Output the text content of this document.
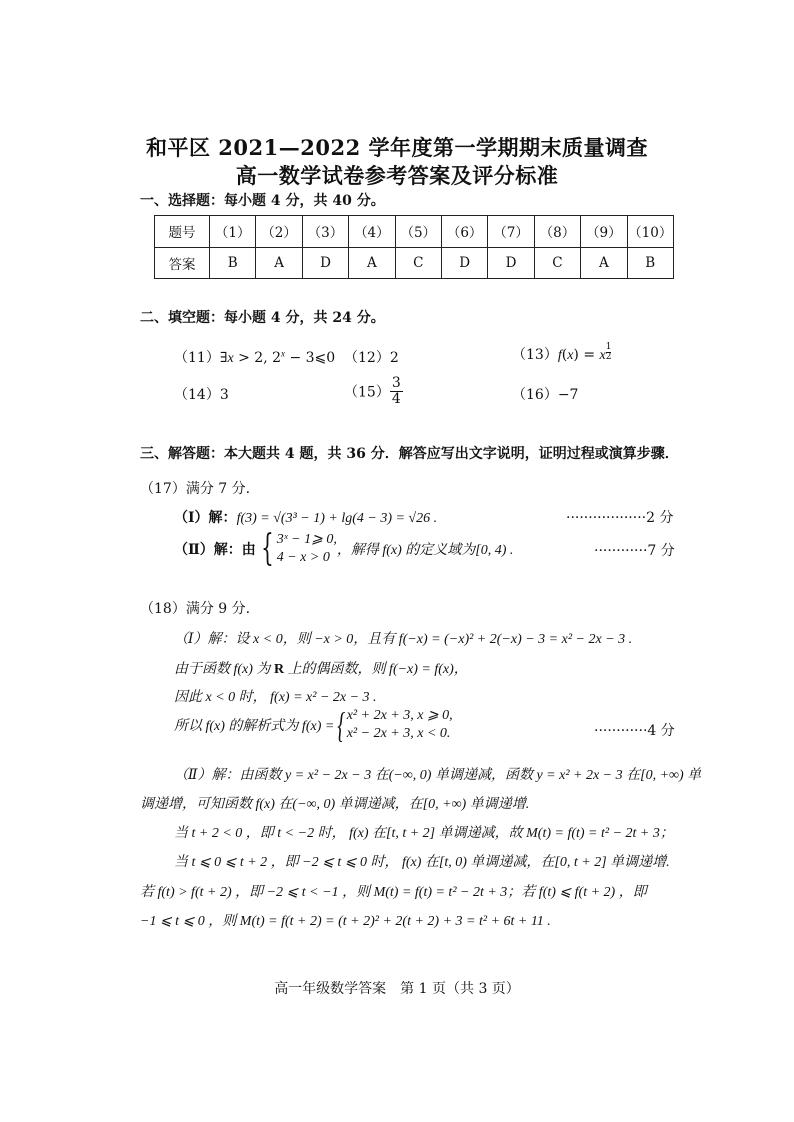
和平区 2021—2022 学年度第一学期期末质量调查
高一数学试卷参考答案及评分标准
一、选择题：每小题 4 分，共 40 分。
题号	（1）	（2）	（3）	（4）	（5）	（6）	（7）	（8）	（9）	（10）
答案	B	A	D	A	C	D	D	C	A	B
二、填空题：每小题 4 分，共 24 分。
（11）∃x > 2, $2^x$ − 3⩽0 （12）2	（13）f(x) = x $^{\frac{1}{2}}$
（14）3	$(15) \frac{3}{4}$	（16）−7
三、解答题：本大题共 4 题，共 36 分．解答应写出文字说明，证明过程或演算步骤．
（17）满分 7 分.
（Ⅰ）解：f(3) = √(3³ − 1) + lg(4 − 3) = √26 .	··················2 分
（Ⅱ）解：由 { 3ˣ − 1⩾ 0,
4 − x > 0 ，解得 f(x) 的定义域为[0, 4) .	············7 分
（18）满分 9 分.
（Ⅰ）解：设 x < 0，则 −x > 0，且有 f(−x) = (−x)² + 2(−x) − 3 = x² − 2x − 3 .
由于函数 f(x) 为 R 上的偶函数，则 f(−x) = f(x)，
因此 x < 0 时， f(x) = x² − 2x − 3 .
所以 f(x) 的解析式为 f(x) = { x² + 2x + 3, x ⩾ 0,
x² − 2x + 3, x < 0.	············4 分
（Ⅱ）解：由函数 y = x² − 2x − 3 在(−∞, 0) 单调递减，函数 y = x² + 2x − 3 在[0, +∞) 单
调递增，可知函数 f(x) 在(−∞, 0) 单调递减，在[0, +∞) 单调递增.
当 t + 2 < 0 ，即 t < −2 时， f(x) 在[t, t + 2] 单调递减，故 M(t) = f(t) = t² − 2t + 3；
当 t ⩽ 0 ⩽ t + 2 ，即 −2 ⩽ t ⩽ 0 时， f(x) 在[t, 0) 单调递减，在[0, t + 2] 单调递增.
若 f(t) > f(t + 2) ，即 −2 ⩽ t < −1 ，则 M(t) = f(t) = t² − 2t + 3；若 f(t) ⩽ f(t + 2) ，即
−1 ⩽ t ⩽ 0 ，则 M(t) = f(t + 2) = (t + 2)² + 2(t + 2) + 3 = t² + 6t + 11 .
高一年级数学答案　第 1 页（共 3 页）
